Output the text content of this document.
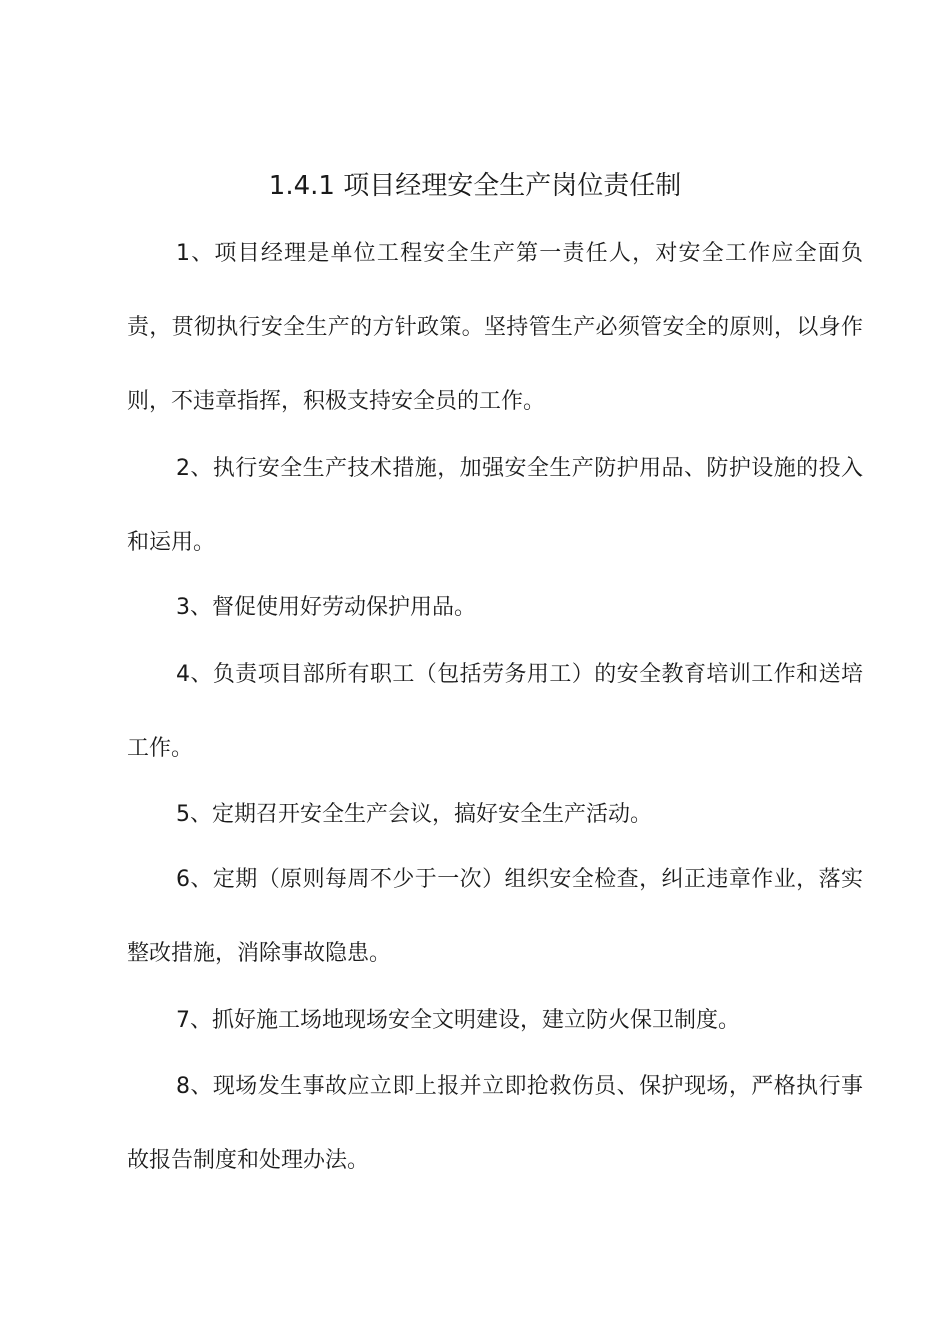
1.4.1 项目经理安全生产岗位责任制

1、项目经理是单位工程安全生产第一责任人，对安全工作应全面负责，贯彻执行安全生产的方针政策。坚持管生产必须管安全的原则，以身作则，不违章指挥，积极支持安全员的工作。

2、执行安全生产技术措施，加强安全生产防护用品、防护设施的投入和运用。

3、督促使用好劳动保护用品。

4、负责项目部所有职工（包括劳务用工）的安全教育培训工作和送培工作。

5、定期召开安全生产会议，搞好安全生产活动。

6、定期（原则每周不少于一次）组织安全检查，纠正违章作业，落实整改措施，消除事故隐患。

7、抓好施工场地现场安全文明建设，建立防火保卫制度。

8、现场发生事故应立即上报并立即抢救伤员、保护现场，严格执行事故报告制度和处理办法。
